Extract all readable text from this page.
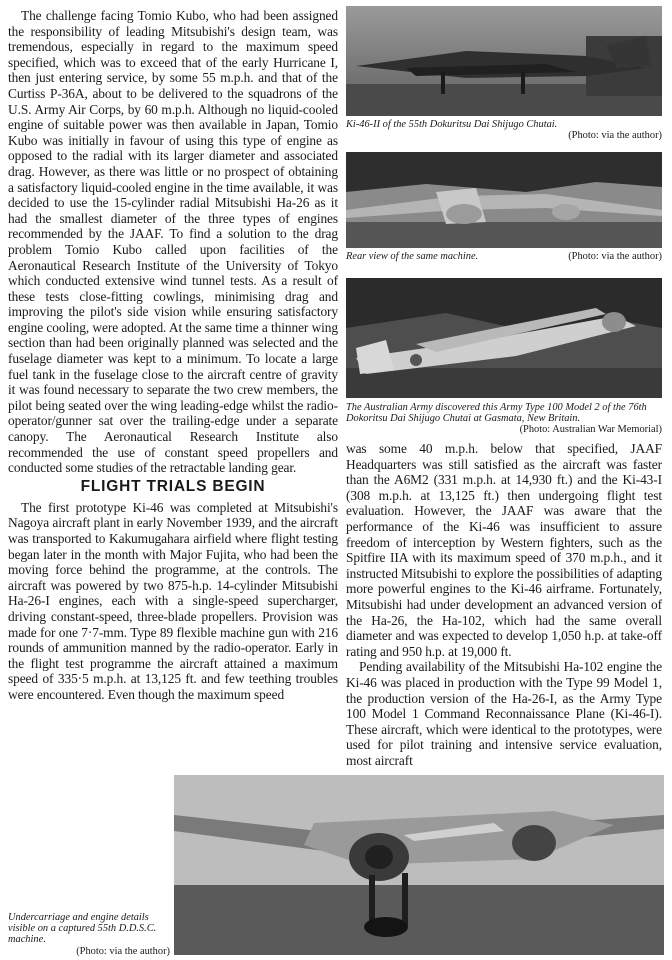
The challenge facing Tomio Kubo, who had been assigned the responsibility of leading Mitsubishi's design team, was tremendous, especially in regard to the maximum speed specified, which was to exceed that of the early Hurricane I, then just entering service, by some 55 m.p.h. and that of the Curtiss P-36A, about to be delivered to the squadrons of the U.S. Army Air Corps, by 60 m.p.h. Although no liquid-cooled engine of suitable power was then available in Japan, Tomio Kubo was initially in favour of using this type of engine as opposed to the radial with its larger diameter and associated drag. However, as there was little or no prospect of obtaining a satisfactory liquid-cooled engine in the time available, it was decided to use the 15-cylinder radial Mitsubishi Ha-26 as it had the smallest diameter of the three types of engines recommended by the JAAF. To find a solution to the drag problem Tomio Kubo called upon facilities of the Aeronautical Research Institute of the University of Tokyo which conducted extensive wind tunnel tests. As a result of these tests close-fitting cowlings, minimising drag and improving the pilot's side vision while ensuring satisfactory engine cooling, were adopted. At the same time a thinner wing section than had been originally planned was selected and the fuselage diameter was kept to a minimum. To locate a large fuel tank in the fuselage close to the aircraft centre of gravity it was found necessary to separate the two crew members, the pilot being seated over the wing leading-edge whilst the radio-operator/gunner sat over the trailing-edge under a separate canopy. The Aeronautical Research Institute also recommended the use of constant speed propellers and conducted some studies of the retractable landing gear.

FLIGHT TRIALS BEGIN

The first prototype Ki-46 was completed at Mitsubishi's Nagoya aircraft plant in early November 1939, and the aircraft was transported to Kakumugahara airfield where flight testing began later in the month with Major Fujita, who had been the moving force behind the programme, at the controls. The aircraft was powered by two 875-h.p. 14-cylinder Mitsubishi Ha-26-I engines, each with a single-speed supercharger, driving constant-speed, three-blade propellers. Provision was made for one 7·7-mm. Type 89 flexible machine gun with 216 rounds of ammunition manned by the radio-operator. Early in the flight test programme the aircraft attained a maximum speed of 335·5 m.p.h. at 13,125 ft. and few teething troubles were encountered. Even though the maximum speed

Ki-46-II of the 55th Dokuritsu Dai Shijugo Chutai.
(Photo: via the author)
Rear view of the same machine.	(Photo: via the author)
The Australian Army discovered this Army Type 100 Model 2 of the 76th Dokoritsu Dai Shijugo Chutai at Gasmata, New Britain.
(Photo: Australian War Memorial)

was some 40 m.p.h. below that specified, JAAF Headquarters was still satisfied as the aircraft was faster than the A6M2 (331 m.p.h. at 14,930 ft.) and the Ki-43-I (308 m.p.h. at 13,125 ft.) then undergoing flight test evaluation. However, the JAAF was aware that the performance of the Ki-46 was insufficient to assure freedom of interception by Western fighters, such as the Spitfire IIA with its maximum speed of 370 m.p.h., and it instructed Mitsubishi to explore the possibilities of adapting more powerful engines to the Ki-46 airframe. Fortunately, Mitsubishi had under development an advanced version of the Ha-26, the Ha-102, which had the same overall diameter and was expected to develop 1,050 h.p. at take-off rating and 950 h.p. at 19,000 ft.

Pending availability of the Mitsubishi Ha-102 engine the Ki-46 was placed in production with the Type 99 Model 1, the production version of the Ha-26-I, as the Army Type 100 Model 1 Command Reconnaissance Plane (Ki-46-I). These aircraft, which were identical to the prototypes, were used for pilot training and intensive service evaluation, most aircraft

Undercarriage and engine details visible on a captured 55th D.D.S.C. machine.
(Photo: via the author)
